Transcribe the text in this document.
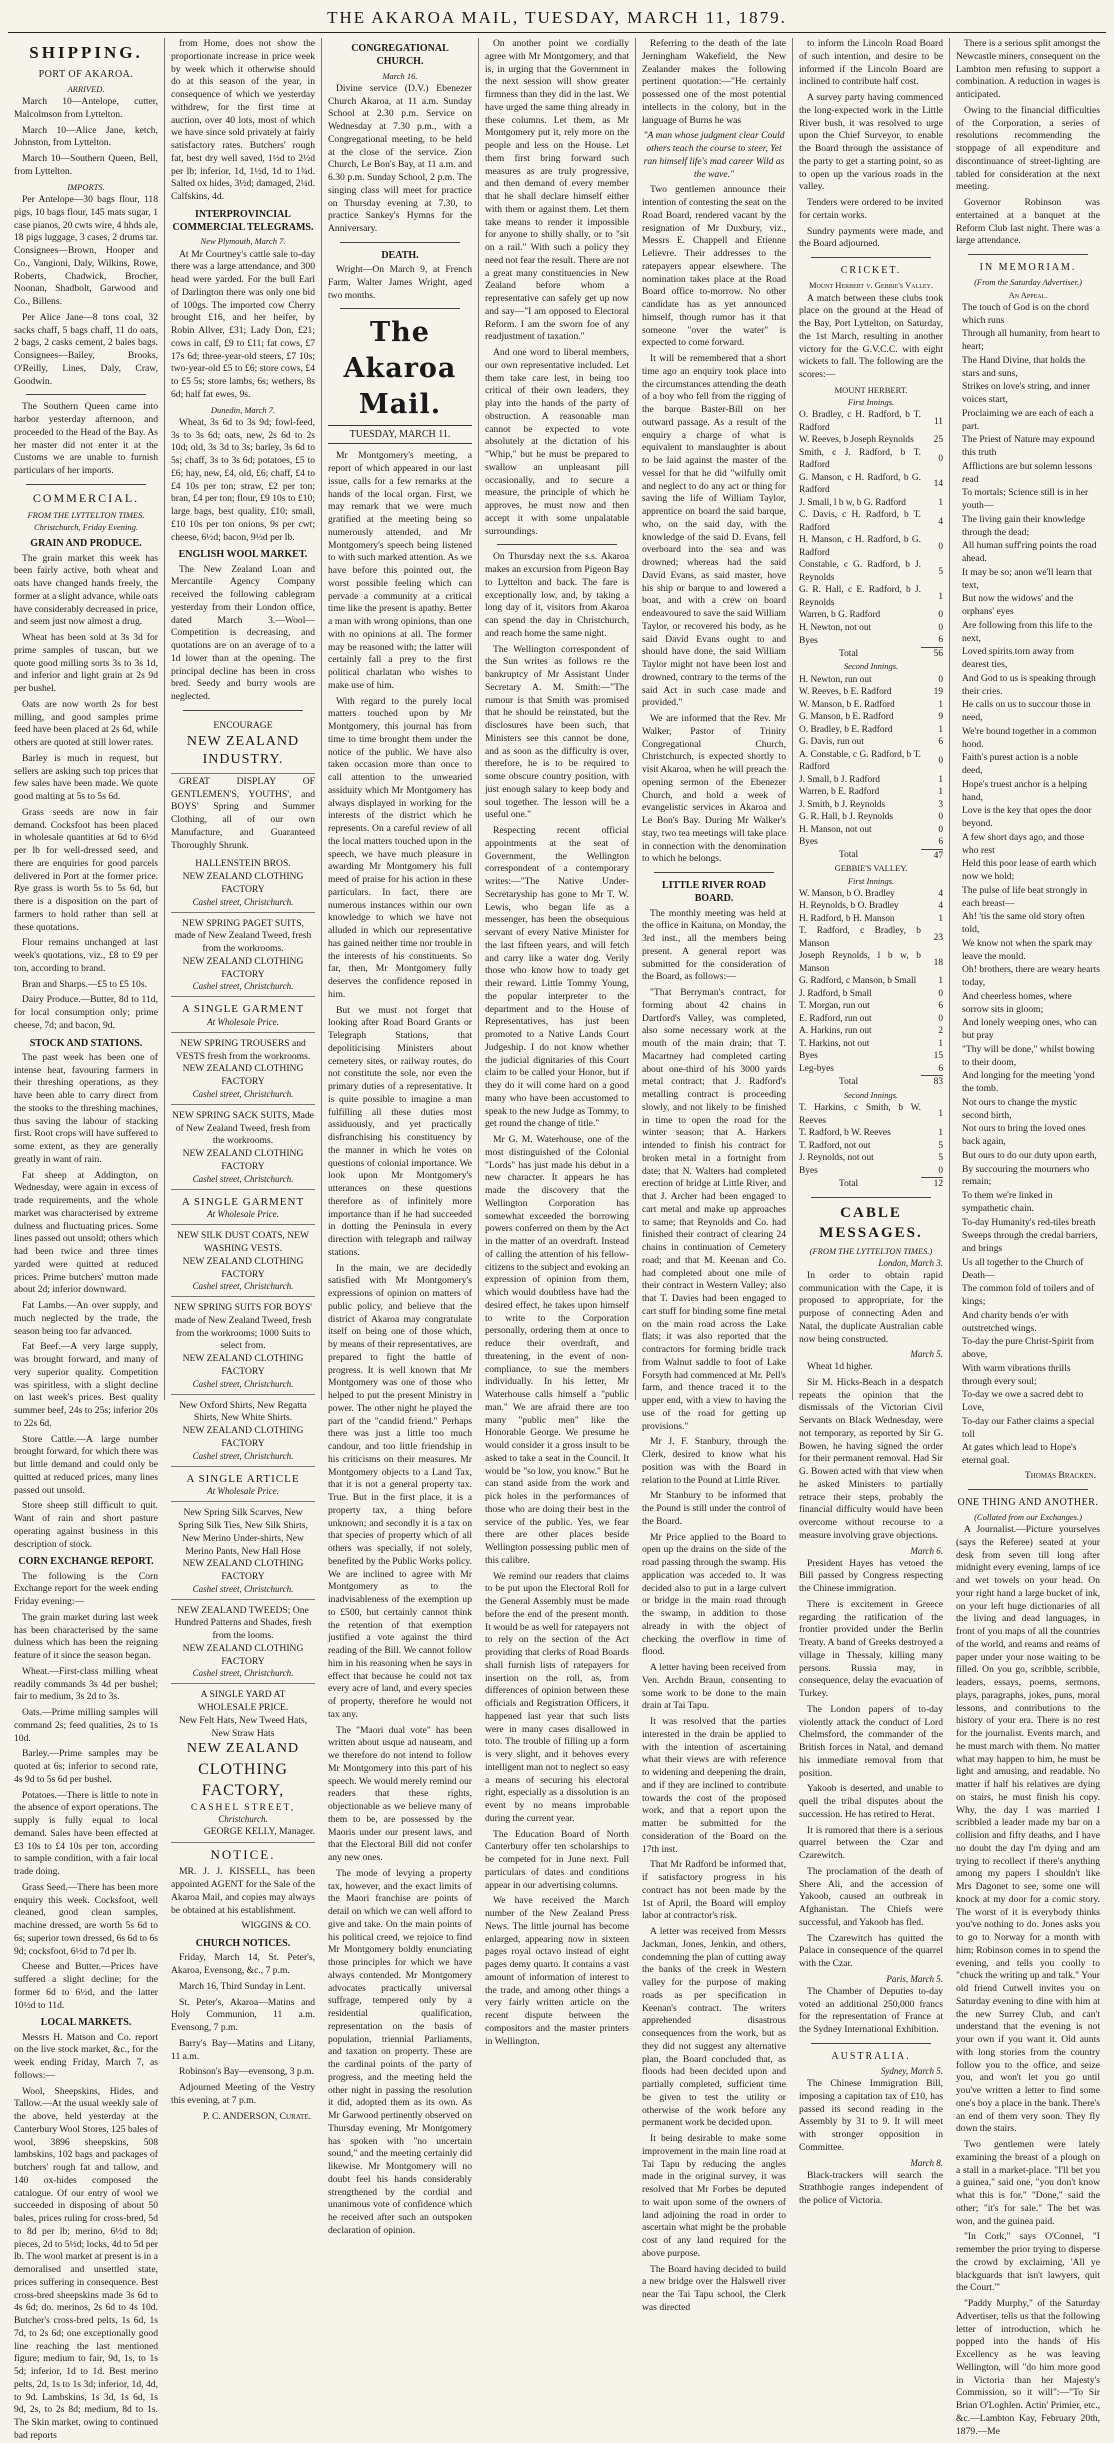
THE AKAROA MAIL, TUESDAY, MARCH 11, 1879.
SHIPPING.
PORT OF AKAROA.
ARRIVED.

March 10—Antelope, cutter, Malcolmson from Lyttelton.

March 10—Alice Jane, ketch, Johnston, from Lyttelton.

March 10—Southern Queen, Bell, from Lyttelton.

IMPORTS.

Per Antelope—30 bags flour, 118 pigs, 10 bags flour, 145 mats sugar, 1 case pianos, 20 cwts wire, 4 hhds ale, 18 pigs luggage, 3 cases, 2 drums tar. Consignees—Brown, Hooper and Co., Vangioni, Daly, Wilkins, Rowe, Roberts, Chadwick, Brocher, Noonan, Shadbolt, Garwood and Co., Billens.

Per Alice Jane—8 tons coal, 32 sacks chaff, 5 bags chaff, 11 do oats, 2 bags, 2 casks cement, 2 bales bags. Consignees—Bailey, Brooks, O'Reilly, Lines, Daly, Craw, Goodwin.

The Southern Queen came into harbor yesterday afternoon, and proceeded to the Head of the Bay. As her master did not enter it at the Customs we are unable to furnish particulars of her imports.

COMMERCIAL.
FROM THE LYTTELTON TIMES.
Christchurch, Friday Evening.
GRAIN AND PRODUCE.

The grain market this week has been fairly active, both wheat and oats have changed hands freely, the former at a slight advance, while oats have considerably decreased in price, and seem just now almost a drug.

Wheat has been sold at 3s 3d for prime samples of tuscan, but we quote good milling sorts 3s to 3s 1d, and inferior and light grain at 2s 9d per bushel.

Oats are now worth 2s for best milling, and good samples prime feed have been placed at 2s 6d, while others are quoted at still lower rates.

Barley is much in request, but sellers are asking such top prices that few sales have been made. We quote good malting at 5s to 5s 6d.

Grass seeds are now in fair demand. Cocksfoot has been placed in wholesale quantities at 6d to 6½d per lb for well-dressed seed, and there are enquiries for good parcels delivered in Port at the former price. Rye grass is worth 5s to 5s 6d, but there is a disposition on the part of farmers to hold rather than sell at these quotations.

Flour remains unchanged at last week's quotations, viz., £8 to £9 per ton, according to brand.

Bran and Sharps.—£5 to £5 10s.

Dairy Produce.—Butter, 8d to 11d, for local consumption only; prime cheese, 7d; and bacon, 9d.

STOCK AND STATIONS.

The past week has been one of intense heat, favouring farmers in their threshing operations, as they have been able to carry direct from the stooks to the threshing machines, thus saving the labour of stacking first. Root crops will have suffered to some extent, as they are generally greatly in want of rain.

Fat sheep at Addington, on Wednesday, were again in excess of trade requirements, and the whole market was characterised by extreme dulness and fluctuating prices. Some lines passed out unsold; others which had been twice and three times yarded were quitted at reduced prices. Prime butchers' mutton made about 2d; inferior downward.

Fat Lambs.—An over supply, and much neglected by the trade, the season being too far advanced.

Fat Beef.—A very large supply, was brought forward, and many of very superior quality. Competition was spiritless, with a slight decline on last week's prices. Best quality summer beef, 24s to 25s; inferior 20s to 22s 6d.

Store Cattle.—A large number brought forward, for which there was but little demand and could only be quitted at reduced prices, many lines passed out unsold.

Store sheep still difficult to quit. Want of rain and short pasture operating against business in this description of stock.

CORN EXCHANGE REPORT.

The following is the Corn Exchange report for the week ending Friday evening:—

The grain market during last week has been characterised by the same dulness which has been the reigning feature of it since the season began.

Wheat.—First-class milling wheat readily commands 3s 4d per bushel; fair to medium, 3s 2d to 3s.

Oats.—Prime milling samples will command 2s; feed qualities, 2s to 1s 10d.

Barley.—Prime samples may be quoted at 6s; inferior to second rate, 4s 9d to 5s 6d per bushel.

Potatoes.—There is little to note in the absence of export operations. The supply is fully equal to local demand. Sales have been effected at £3 10s to £4 10s per ton, according to sample condition, with a fair local trade doing.

Grass Seed.—There has been more enquiry this week. Cocksfoot, well cleaned, good clean samples, machine dressed, are worth 5s 6d to 6s; superior town dressed, 6s 6d to 6s 9d; cocksfoot, 6½d to 7d per lb.

Cheese and Butter.—Prices have suffered a slight decline; for the former 6d to 6½d, and the latter 10½d to 11d.

LOCAL MARKETS.

Messrs H. Matson and Co. report on the live stock market, &c., for the week ending Friday, March 7, as follows:—

Wool, Sheepskins, Hides, and Tallow.—At the usual weekly sale of the above, held yesterday at the Canterbury Wool Stores, 125 bales of wool, 3896 sheepskins, 508 lambskins, 102 bags and packages of butchers' rough fat and tallow, and 140 ox-hides composed the catalogue. Of our entry of wool we succeeded in disposing of about 50 bales, prices ruling for cross-bred, 5d to 8d per lb; merino, 6½d to 8d; pieces, 2d to 5½d; locks, 4d to 5d per lb. The wool market at present is in a demoralised and unsettled state, prices suffering in consequence. Best cross-bred sheepskins made 3s 6d to 4s 6d; do. merinos, 2s 6d to 4s 10d. Butcher's cross-bred pelts, 1s 6d, 1s 7d, to 2s 6d; one exceptionally good line reaching the last mentioned figure; medium to fair, 9d, 1s, to 1s 5d; inferior, 1d to 1d. Best merino pelts, 2d, 1s to 1s 3d; inferior, 1d, 4d, to 9d. Lambskins, 1s 3d, 1s 6d, 1s 9d, 2s, to 2s 8d; medium, 8d to 1s. The Skin market, owing to continued bad reports

from Home, does not show the proportionate increase in price week by week which it otherwise should do at this season of the year, in consequence of which we yesterday withdrew, for the first time at auction, over 40 lots, most of which we have since sold privately at fairly satisfactory rates. Butchers' rough fat, best dry well saved, 1½d to 2½d per lb; inferior, 1d, 1½d, 1d to 1¾d. Salted ox hides, 3½d; damaged, 2¼d. Calfskins, 4d.

INTERPROVINCIAL COMMERCIAL TELEGRAMS.
New Plymouth, March 7.

At Mr Courtney's cattle sale to-day there was a large attendance, and 300 head were yarded. For the bull Earl of Darlington there was only one bid of 100gs. The imported cow Cherry brought £16, and her heifer, by Robin Allver, £31; Lady Don, £21; cows in calf, £9 to £11; fat cows, £7 17s 6d; three-year-old steers, £7 10s; two-year-old £5 to £6; store cows, £4 to £5 5s; store lambs, 6s; wethers, 8s 6d; half fat ewes, 9s.

Dunedin, March 7.

Wheat, 3s 6d to 3s 9d; fowl-feed, 3s to 3s 6d; oats, new, 2s 6d to 2s 10d; old, 3s 3d to 3s; barley, 3s 6d to 5s; chaff, 3s to 3s 6d; potatoes, £5 to £6; hay, new, £4, old, £6; chaff, £4 to £4 10s per ton; straw, £2 per ton; bran, £4 per ton; flour, £9 10s to £10; large bags, best quality, £10; small, £10 10s per ton onions, 9s per cwt; cheese, 6½d; bacon, 9½d per lb.

ENGLISH WOOL MARKET.

The New Zealand Loan and Mercantile Agency Company received the following cablegram yesterday from their London office, dated March 3.—Wool—Competition is decreasing, and quotations are on an average of to a 1d lower than at the opening. The principal decline has been in cross bred. Seedy and burry wools are neglected.

ENCOURAGE
NEW ZEALAND INDUSTRY.

GREAT DISPLAY OF GENTLEMEN'S, YOUTHS', and BOYS' Spring and Summer Clothing, all of our own Manufacture, and Guaranteed Thoroughly Shrunk.

HALLENSTEIN BROS.
NEW ZEALAND CLOTHING FACTORY
Cashel street, Christchurch.
NEW SPRING PAGET SUITS, made of New Zealand Tweed, fresh from the workrooms.
NEW ZEALAND CLOTHING FACTORY
Cashel street, Christchurch.
A SINGLE GARMENT
At Wholesale Price.
NEW SPRING TROUSERS and VESTS fresh from the workrooms.
NEW ZEALAND CLOTHING FACTORY
Cashel street, Christchurch.
NEW SPRING SACK SUITS, Made of New Zealand Tweed, fresh from the workrooms.
NEW ZEALAND CLOTHING FACTORY
Cashel street, Christchurch.
A SINGLE GARMENT
At Wholesale Price.
NEW SILK DUST COATS, NEW WASHING VESTS.
NEW ZEALAND CLOTHING FACTORY
Cashel street, Christchurch.
NEW SPRING SUITS FOR BOYS' made of New Zealand Tweed, fresh from the workrooms; 1000 Suits to select from.
NEW ZEALAND CLOTHING FACTORY
Cashel street, Christchurch.
New Oxford Shirts, New Regatta Shirts, New White Shirts.
NEW ZEALAND CLOTHING FACTORY
Cashel street, Christchurch.
A SINGLE ARTICLE
At Wholesale Price.
New Spring Silk Scarves, New Spring Silk Ties, New Silk Shirts, New Merino Under-shirts, New Merino Pants, New Hall Hose
NEW ZEALAND CLOTHING FACTORY
Cashel street, Christchurch.
NEW ZEALAND TWEEDS; One Hundred Patterns and Shades, fresh from the looms.
NEW ZEALAND CLOTHING FACTORY
Cashel street, Christchurch.
A SINGLE YARD AT WHOLESALE PRICE.
New Felt Hats, New Tweed Hats, New Straw Hats
NEW ZEALAND
CLOTHING FACTORY,
CASHEL STREET,
Christchurch.
GEORGE KELLY, Manager.
NOTICE.

MR. J. J. KISSELL, has been appointed AGENT for the Sale of the Akaroa Mail, and copies may always be obtained at his establishment.

WIGGINS & CO.
CHURCH NOTICES.

Friday, March 14, St. Peter's, Akaroa, Evensong, &c., 7 p.m.

March 16, Third Sunday in Lent.

St. Peter's, Akaroa—Matins and Holy Communion, 11 a.m. Evensong, 7 p.m.

Barry's Bay—Matins and Litany, 11 a.m.

Robinson's Bay—evensong, 3 p.m.

Adjourned Meeting of the Vestry this evening, at 7 p.m.

P. C. ANDERSON, Curate.
CONGREGATIONAL CHURCH.
March 16.

Divine service (D.V.) Ebenezer Church Akaroa, at 11 a.m. Sunday School at 2.30 p.m. Service on Wednesday at 7.30 p.m., with a Congregational meeting, to be held at the close of the service. Zion Church, Le Bon's Bay, at 11 a.m. and 6.30 p.m. Sunday School, 2 p.m. The singing class will meet for practice on Thursday evening at 7.30, to practice Sankey's Hymns for the Anniversary.

DEATH.

Wright—On March 9, at French Farm, Walter James Wright, aged two months.

The Akaroa Mail.
TUESDAY, MARCH 11.

Mr Montgomery's meeting, a report of which appeared in our last issue, calls for a few remarks at the hands of the local organ. First, we may remark that we were much gratified at the meeting being so numerously attended, and Mr Montgomery's speech being listened to with such marked attention. As we have before this pointed out, the worst possible feeling which can pervade a community at a critical time like the present is apathy. Better a man with wrong opinions, than one with no opinions at all. The former may be reasoned with; the latter will certainly fall a prey to the first political charlatan who wishes to make use of him.

With regard to the purely local matters touched upon by Mr Montgomery, this journal has from time to time brought them under the notice of the public. We have also taken occasion more than once to call attention to the unwearied assiduity which Mr Montgomery has always displayed in working for the interests of the district which he represents. On a careful review of all the local matters touched upon in the speech, we have much pleasure in awarding Mr Montgomery his full meed of praise for his action in these particulars. In fact, there are numerous instances within our own knowledge to which we have not alluded in which our representative has gained neither time nor trouble in the interests of his constituents. So far, then, Mr Montgomery fully deserves the confidence reposed in him.

But we must not forget that looking after Road Board Grants or Telegraph Stations, that depoliticising Ministers about cemetery sites, or railway routes, do not constitute the sole, nor even the primary duties of a representative. It is quite possible to imagine a man fulfilling all these duties most assiduously, and yet practically disfranchising his constituency by the manner in which he votes on questions of colonial importance. We look upon Mr Montgomery's utterances on these questions therefore as of infinitely more importance than if he had succeeded in dotting the Peninsula in every direction with telegraph and railway stations.

In the main, we are decidedly satisfied with Mr Montgomery's expressions of opinion on matters of public policy, and believe that the district of Akaroa may congratulate itself on being one of those which, by means of their representatives, are prepared to fight the battle of progress. It is well known that Mr Montgomery was one of those who helped to put the present Ministry in power. The other night he played the part of the "candid friend." Perhaps there was just a little too much candour, and too little friendship in his criticisms on their measures. Mr Montgomery objects to a Land Tax, that it is not a general property tax. True. But in the first place, it is a property tax, a thing before unknown; and secondly it is a tax on that species of property which of all others was specially, if not solely, benefited by the Public Works policy. We are inclined to agree with Mr Montgomery as to the inadvisableness of the exemption up to £500, but certainly cannot think the retention of that exemption justified a vote against the third reading of the Bill. We cannot follow him in his reasoning when he says in effect that because he could not tax every acre of land, and every species of property, therefore he would not tax any.

The "Maori dual vote" has been written about usque ad nauseam, and we therefore do not intend to follow Mr Montgomery into this part of his speech. We would merely remind our readers that these rights, objectionable as we believe many of them to be, are possessed by the Maoris under our present laws, and that the Electoral Bill did not confer any new ones.

The mode of levying a property tax, however, and the exact limits of the Maori franchise are points of detail on which we can well afford to give and take. On the main points of his political creed, we rejoice to find Mr Montgomery boldly enunciating those principles for which we have always contended. Mr Montgomery advocates practically universal suffrage, tempered only by a residential qualification, representation on the basis of population, triennial Parliaments, and taxation on property. These are the cardinal points of the party of progress, and the meeting held the other night in passing the resolution it did, adopted them as its own. As Mr Garwood pertinently observed on Thursday evening, Mr Montgomery has spoken with "no uncertain sound," and the meeting certainly did likewise. Mr Montgomery will no doubt feel his hands considerably strengthened by the cordial and unanimous vote of confidence which he received after such an outspoken declaration of opinion.

On another point we cordially agree with Mr Montgomery, and that is, in urging that the Government in the next session will show greater firmness than they did in the last. We have urged the same thing already in these columns. Let them, as Mr Montgomery put it, rely more on the people and less on the House. Let them first bring forward such measures as are truly progressive, and then demand of every member that he shall declare himself either with them or against them. Let them take means to render it impossible for anyone to shilly shally, or to "sit on a rail." With such a policy they need not fear the result. There are not a great many constituencies in New Zealand before whom a representative can safely get up now and say—"I am opposed to Electoral Reform. I am the sworn foe of any readjustment of taxation."

And one word to liberal members, our own representative included. Let them take care lest, in being too critical of their own leaders, they play into the hands of the party of obstruction. A reasonable man cannot be expected to vote absolutely at the dictation of his "Whip," but he must be prepared to swallow an unpleasant pill occasionally, and to secure a measure, the principle of which he approves, he must now and then accept it with some unpalatable surroundings.

On Thursday next the s.s. Akaroa makes an excursion from Pigeon Bay to Lyttelton and back. The fare is exceptionally low, and, by taking a long day of it, visitors from Akaroa can spend the day in Christchurch, and reach home the same night.

The Wellington correspondent of the Sun writes as follows re the bankruptcy of Mr Assistant Under Secretary A. M. Smith:—"The rumour is that Smith was promised that he should be reinstated, but the disclosures have been such, that Ministers see this cannot be done, and as soon as the difficulty is over, therefore, he is to be required to some obscure country position, with just enough salary to keep body and soul together. The lesson will be a useful one."

Respecting recent official appointments at the seat of Government, the Wellington correspondent of a contemporary writes:—"The Native Under-Secretaryship has gone to Mr T. W. Lewis, who began life as a messenger, has been the obsequious servant of every Native Minister for the last fifteen years, and will fetch and carry like a water dog. Verily those who know how to toady get their reward. Little Tommy Young, the popular interpreter to the department and to the House of Representatives, has just been promoted to a Native Lands Court Judgeship. I do not know whether the judicial dignitaries of this Court claim to be called your Honor, but if they do it will come hard on a good many who have been accustomed to speak to the new Judge as Tommy, to get round the change of title."

Mr G. M. Waterhouse, one of the most distinguished of the Colonial "Lords" has just made his debut in a new character. It appears he has made the discovery that the Wellington Corporation has somewhat exceeded the borrowing powers conferred on them by the Act in the matter of an overdraft. Instead of calling the attention of his fellow-citizens to the subject and evoking an expression of opinion from them, which would doubtless have had the desired effect, he takes upon himself to write to the Corporation personally, ordering them at once to reduce their overdraft, and threatening, in the event of non-compliance, to sue the members individually. In his letter, Mr Waterhouse calls himself a "public man." We are afraid there are too many "public men" like the Honorable George. We presume he would consider it a gross insult to be asked to take a seat in the Council. It would be "so low, you know." But he can stand aside from the work and pick holes in the performances of those who are doing their best in the service of the public. Yes, we fear there are other places beside Wellington possessing public men of this calibre.

We remind our readers that claims to be put upon the Electoral Roll for the General Assembly must be made before the end of the present month. It would be as well for ratepayers not to rely on the section of the Act providing that clerks of Road Boards shall furnish lists of ratepayers for insertion on the roll, as, from differences of opinion between these officials and Registration Officers, it happened last year that such lists were in many cases disallowed in toto. The trouble of filling up a form is very slight, and it behoves every intelligent man not to neglect so easy a means of securing his electoral right, especially as a dissolution is an event by no means improbable during the current year.

The Education Board of North Canterbury offer ten scholarships to be competed for in June next. Full particulars of dates and conditions appear in our advertising columns.

We have received the March number of the New Zealand Press News. The little journal has become enlarged, appearing now in sixteen pages royal octavo instead of eight pages demy quarto. It contains a vast amount of information of interest to the trade, and among other things a very fairly written article on the recent dispute between the compositors and the master printers in Wellington.

Referring to the death of the late Jerningham Wakefield, the New Zealander makes the following pertinent quotation:—"He certainly possessed one of the most potential intellects in the colony, but in the language of Burns he was

"A man whose judgment clear Could others teach the course to steer, Yet ran himself life's mad career Wild as the wave."

Two gentlemen announce their intention of contesting the seat on the Road Board, rendered vacant by the resignation of Mr Duxbury, viz., Messrs E. Chappell and Etienne Lelievre. Their addresses to the ratepayers appear elsewhere. The nomination takes place at the Road Board office to-morrow. No other candidate has as yet announced himself, though rumor has it that someone "over the water" is expected to come forward.

It will be remembered that a short time ago an enquiry took place into the circumstances attending the death of a boy who fell from the rigging of the barque Baster-Bill on her outward passage. As a result of the enquiry a charge of what is equivalent to manslaughter is about to be laid against the master of the vessel for that he did "wilfully omit and neglect to do any act or thing for saving the life of William Taylor, apprentice on board the said barque, who, on the said day, with the knowledge of the said D. Evans, fell overboard into the sea and was drowned; whereas had the said David Evans, as said master, hove his ship or barque to and lowered a boat, and with a crew on board endeavoured to save the said William Taylor, or recovered his body, as he said David Evans ought to and should have done, the said William Taylor might not have been lost and drowned, contrary to the terms of the said Act in such case made and provided."

We are informed that the Rev. Mr Walker, Pastor of Trinity Congregational Church, Christchurch, is expected shortly to visit Akaroa, when he will preach the opening sermon of the Ebenezer Church, and hold a week of evangelistic services in Akaroa and Le Bon's Bay. During Mr Walker's stay, two tea meetings will take place in connection with the denomination to which he belongs.

LITTLE RIVER ROAD BOARD.

The monthly meeting was held at the office in Kaituna, on Monday, the 3rd inst., all the members being present. A general report was submitted for the consideration of the Board, as follows:—

"That Berryman's contract, for forming about 42 chains in Dartford's Valley, was completed, also some necessary work at the mouth of the main drain; that T. Macartney had completed carting about one-third of his 3000 yards metal contract; that J. Radford's metalling contract is proceeding slowly, and not likely to be finished in time to open the road for the winter season; that A. Harkers intended to finish his contract for broken metal in a fortnight from date; that N. Walters had completed erection of bridge at Little River, and that J. Archer had been engaged to cart metal and make up approaches to same; that Reynolds and Co. had finished their contract of clearing 24 chains in continuation of Cemetery road; and that M. Keenan and Co. had completed about one mile of their contract in Western Valley; also that T. Davies had been engaged to cart stuff for binding some fine metal on the main road across the Lake flats; it was also reported that the contractors for forming bridle track from Walnut saddle to foot of Lake Forsyth had commenced at Mr. Pell's farm, and thence traced it to the upper end, with a view to having the use of the road for getting up provisions."

Mr J. F. Stanbury, through the Clerk, desired to know what his position was with the Board in relation to the Pound at Little River.

Mr Stanbury to be informed that the Pound is still under the control of the Board.

Mr Price applied to the Board to open up the drains on the side of the road passing through the swamp. His application was acceded to. It was decided also to put in a large culvert or bridge in the main road through the swamp, in addition to those already in with the object of checking the overflow in time of flood.

A letter having been received from Ven. Archdn Braun, consenting to some work to be done to the main drain at Tai Tapu.

It was resolved that the parties interested in the drain be applied to with the intention of ascertaining what their views are with reference to widening and deepening the drain, and if they are inclined to contribute towards the cost of the proposed work, and that a report upon the matter be submitted for the consideration of the Board on the 17th inst.

That Mr Radford be informed that, if satisfactory progress in his contract has not been made by the 1st of April, the Board will employ labor at contractor's risk.

A letter was received from Messrs Jackman, Jones, Jenkin, and others, condemning the plan of cutting away the banks of the creek in Western valley for the purpose of making roads as per specification in Keenan's contract. The writers apprehended disastrous consequences from the work, but as they did not suggest any alternative plan, the Board concluded that, as floods had been decided upon and partially completed, sufficient time be given to test the utility or otherwise of the work before any permanent work be decided upon.

It being desirable to make some improvement in the main line road at Tai Tapu by reducing the angles made in the original survey, it was resolved that Mr Forbes be deputed to wait upon some of the owners of land adjoining the road in order to ascertain what might be the probable cost of any land required for the above purpose.

The Board having decided to build a new bridge over the Halswell river near the Tai Tapu school, the Clerk was directed

to inform the Lincoln Road Board of such intention, and desire to be informed if the Lincoln Board are inclined to contribute half cost.

A survey party having commenced the long-expected work in the Little River bush, it was resolved to urge upon the Chief Surveyor, to enable the Board through the assistance of the party to get a starting point, so as to open up the various roads in the valley.

Tenders were ordered to be invited for certain works.

Sundry payments were made, and the Board adjourned.

CRICKET.
Mount Herbert v. Gebbie's Valley.

A match between these clubs took place on the ground at the Head of the Bay, Port Lyttelton, on Saturday, the 1st March, resulting in another victory for the G.V.C.C. with eight wickets to fall. The following are the scores:—

MOUNT HERBERT.
First Innings.
O. Bradley, c H. Radford, b T. Radford	11
W. Reeves, b Joseph Reynolds	25
Smith, c J. Radford, b T. Radford	0
G. Manson, c H. Radford, b G. Radford	14
J. Small, l b w, b G. Radford	1
C. Davis, c H. Radford, b T. Radford	4
H. Manson, c H. Radford, b G. Radford	0
Constable, c G. Radford, b J. Reynolds	5
G. R. Hall, c E. Radford, b J. Reynolds	1
Warren, b G. Radford	0
H. Newton, not out	0
Byes	6
Total	56
Second Innings.
H. Newton, run out	0
W. Reeves, b E. Radford	19
W. Manson, b E. Radford	1
G. Manson, b E. Radford	9
O. Bradley, b E. Radford	1
G. Davis, run out	6
A. Constable, c G. Radford, b T. Radford	0
J. Small, b J. Radford	1
Warren, b E. Radford	1
J. Smith, b J. Reynolds	3
G. R. Hall, b J. Reynolds	0
H. Manson, not out	0
Byes	6
Total	47
GEBBIE'S VALLEY.
First Innings.
W. Manson, b O. Bradley	4
H. Reynolds, b O. Bradley	4
H. Radford, b H. Manson	1
T. Radford, c Bradley, b Manson	23
Joseph Reynolds, l b w, b Manson	18
G. Radford, c Manson, b Small	1
J. Radford, b Small	0
T. Morgan, run out	6
E. Radford, run out	0
A. Harkins, run out	2
T. Harkins, not out	1
Byes	15
Leg-byes	6
Total	83
Second Innings.
T. Harkins, c Smith, b W. Reeves	1
T. Radford, b W. Reeves	1
T. Radford, not out	5
J. Reynolds, not out	5
Byes	0
Total	12
CABLE MESSAGES.
(FROM THE LYTTELTON TIMES.)
London, March 3.

In order to obtain rapid communication with the Cape, it is proposed to appropriate, for the purpose of connecting Aden and Natal, the duplicate Australian cable now being constructed.

March 5.

Wheat 1d higher.

Sir M. Hicks-Beach in a despatch repeats the opinion that the dismissals of the Victorian Civil Servants on Black Wednesday, were not temporary, as reported by Sir G. Bowen, he having signed the order for their permanent removal. Had Sir G. Bowen acted with that view when he asked Ministers to partially retrace their steps, probably the financial difficulty would have been overcome without recourse to a measure involving grave objections.

March 6.

President Hayes has vetoed the Bill passed by Congress respecting the Chinese immigration.

There is excitement in Greece regarding the ratification of the frontier provided under the Berlin Treaty. A band of Greeks destroyed a village in Thessaly, killing many persons. Russia may, in consequence, delay the evacuation of Turkey.

The London papers of to-day violently attack the conduct of Lord Chelmsford, the commander of the British forces in Natal, and demand his immediate removal from that position.

Yakoob is deserted, and unable to quell the tribal disputes about the succession. He has retired to Herat.

It is rumored that there is a serious quarrel between the Czar and Czarewitch.

The proclamation of the death of Shere Ali, and the accession of Yakoob, caused an outbreak in Afghanistan. The Chiefs were successful, and Yakoob has fled.

The Czarewitch has quitted the Palace in consequence of the quarrel with the Czar.

Paris, March 5.

The Chamber of Deputies to-day voted an additional 250,000 francs for the representation of France at the Sydney International Exhibition.

AUSTRALIA.
Sydney, March 5.

The Chinese Immigration Bill, imposing a capitation tax of £10, has passed its second reading in the Assembly by 31 to 9. It will meet with stronger opposition in Committee.

March 8.

Black-trackers will search the Strathbogie ranges independent of the police of Victoria.

There is a serious split amongst the Newcastle miners, consequent on the Lambton men refusing to support a combination. A reduction in wages is anticipated.

Owing to the financial difficulties of the Corporation, a series of resolutions recommending the stoppage of all expenditure and discontinuance of street-lighting are tabled for consideration at the next meeting.

Governor Robinson was entertained at a banquet at the Reform Club last night. There was a large attendance.

IN MEMORIAM.
(From the Saturday Advertiser.)
An Appeal.

The touch of God is on the chord which runs

Through all humanity, from heart to heart;

The Hand Divine, that holds the stars and suns,

Strikes on love's string, and inner voices start,

Proclaiming we are each of each a part.

The Priest of Nature may expound this truth

Afflictions are but solemn lessons read

To mortals; Science still is in her youth—

The living gain their knowledge through the dead;

All human suff'ring points the road ahead.

It may be so; anon we'll learn that text,

But now the widows' and the orphans' eyes

Are following from this life to the next,

Loved spirits torn away from dearest ties,

And God to us is speaking through their cries.

He calls on us to succour those in need,

We're bound together in a common hood.

Faith's purest action is a noble deed,

Hope's truest anchor is a helping hand,

Love is the key that opes the door beyond.

A few short days ago, and those who rest

Held this poor lease of earth which now we hold;

The pulse of life beat strongly in each breast—

Ah! 'tis the same old story often told,

We know not when the spark may leave the mould.

Oh! brothers, there are weary hearts today,

And cheerless homes, where sorrow sits in gloom;

And lonely weeping ones, who can but pray

"Thy will be done," whilst bowing to their doom,

And longing for the meeting 'yond the tomb.

Not ours to change the mystic second birth,

Not ours to bring the loved ones back again,

But ours to do our duty upon earth,

By succouring the mourners who remain;

To them we're linked in sympathetic chain.

To-day Humanity's red-tiles breath

Sweeps through the credal barriers, and brings

Us all together to the Church of Death—

The common fold of toilers and of kings;

And charity bends o'er with outstretched wings.

To-day the pure Christ-Spirit from above,

With warm vibrations thrills through every soul;

To-day we owe a sacred debt to Love,

To-day our Father claims a special toll

At gates which lead to Hope's eternal goal.

Thomas Bracken.
ONE THING AND ANOTHER.
(Collated from our Exchanges.)

A Journalist.—Picture yourselves (says the Referee) seated at your desk from seven till long after midnight every evening, lamps of ice and wet towels on your head. On your right hand a large bucket of ink, on your left huge dictionaries of all the living and dead languages, in front of you maps of all the countries of the world, and reams and reams of paper under your nose waiting to be filled. On you go, scribble, scribble, leaders, essays, poems, sermons, plays, paragraphs, jokes, puns, moral lessons, and contributions to the history of your era. There is no rest for the journalist. Events march, and he must march with them. No matter what may happen to him, he must be light and amusing, and readable. No matter if half his relatives are dying on stairs, he must finish his copy. Why, the day I was married I scribbled a leader made my bar on a collision and fifty deaths, and I have no doubt the day I'm dying and am trying to recollect if there's anything among my papers I shouldn't like Mrs Dagonet to see, some one will knock at my door for a comic story. The worst of it is everybody thinks you've nothing to do. Jones asks you to go to Norway for a month with him; Robinson comes in to spend the evening, and tells you coolly to "chuck the writing up and talk." Your old friend Cutwell invites you on Saturday evening to dine with him at the new Surrey Club, and can't understand that the evening is not your own if you want it. Old aunts with long stories from the country follow you to the office, and seize you, and won't let you go until you've written a letter to find some one's boy a place in the bank. There's an end of them very soon. They fly down the stairs.

Two gentlemen were lately examining the breast of a plough on a stall in a market-place. "I'll bet you a guinea," said one, "you don't know what this is for." "Done," said the other; "it's for sale." The bet was won, and the guinea paid.

"In Cork," says O'Connel, "I remember the prior trying to disperse the crowd by exclaiming, 'All ye blackguards that isn't lawyers, quit the Court.'"

"Paddy Murphy," of the Saturday Advertiser, tells us that the following letter of introduction, which he popped into the hands of His Excellency as he was leaving Wellington, will "do him more good in Victoria than her Majesty's Commission, so it will":—"To Sir Brian O'Loghlen. Actin' Primier, etc., &c.—Lambton Kay, February 20th, 1879.—Me
